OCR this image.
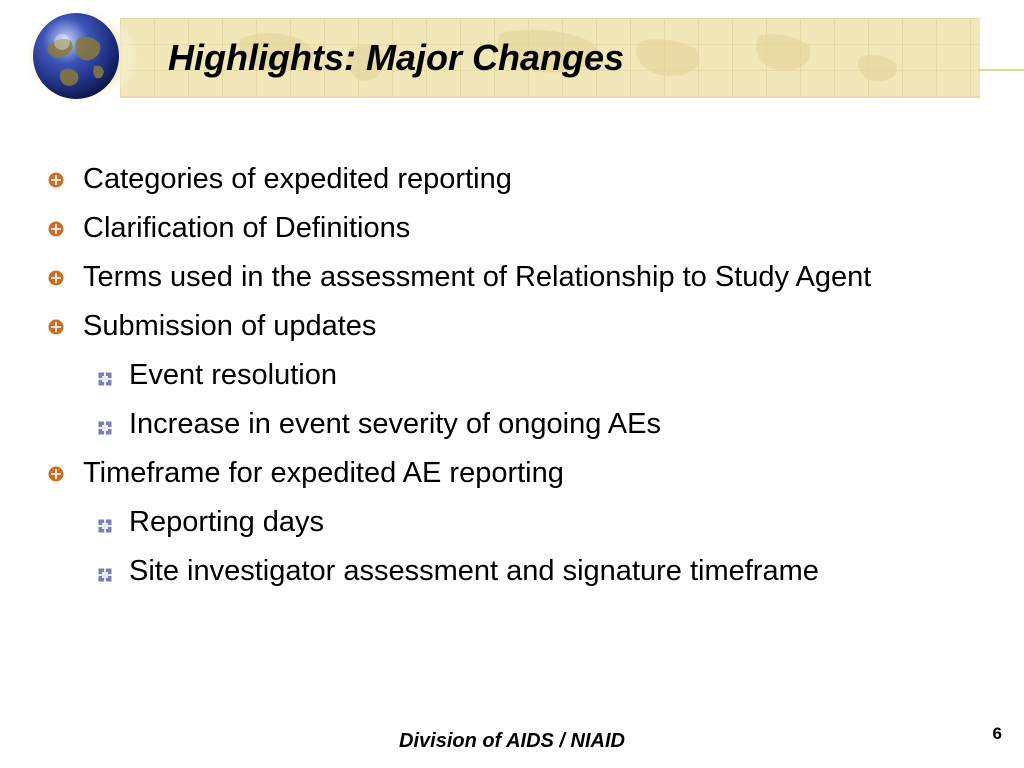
Highlights: Major Changes
Categories of expedited reporting
Clarification of Definitions
Terms used in the assessment of Relationship to Study Agent
Submission of updates
Event resolution
Increase in event severity of ongoing AEs
Timeframe for expedited AE reporting
Reporting days
Site investigator assessment and signature timeframe
Division of AIDS / NIAID	6
